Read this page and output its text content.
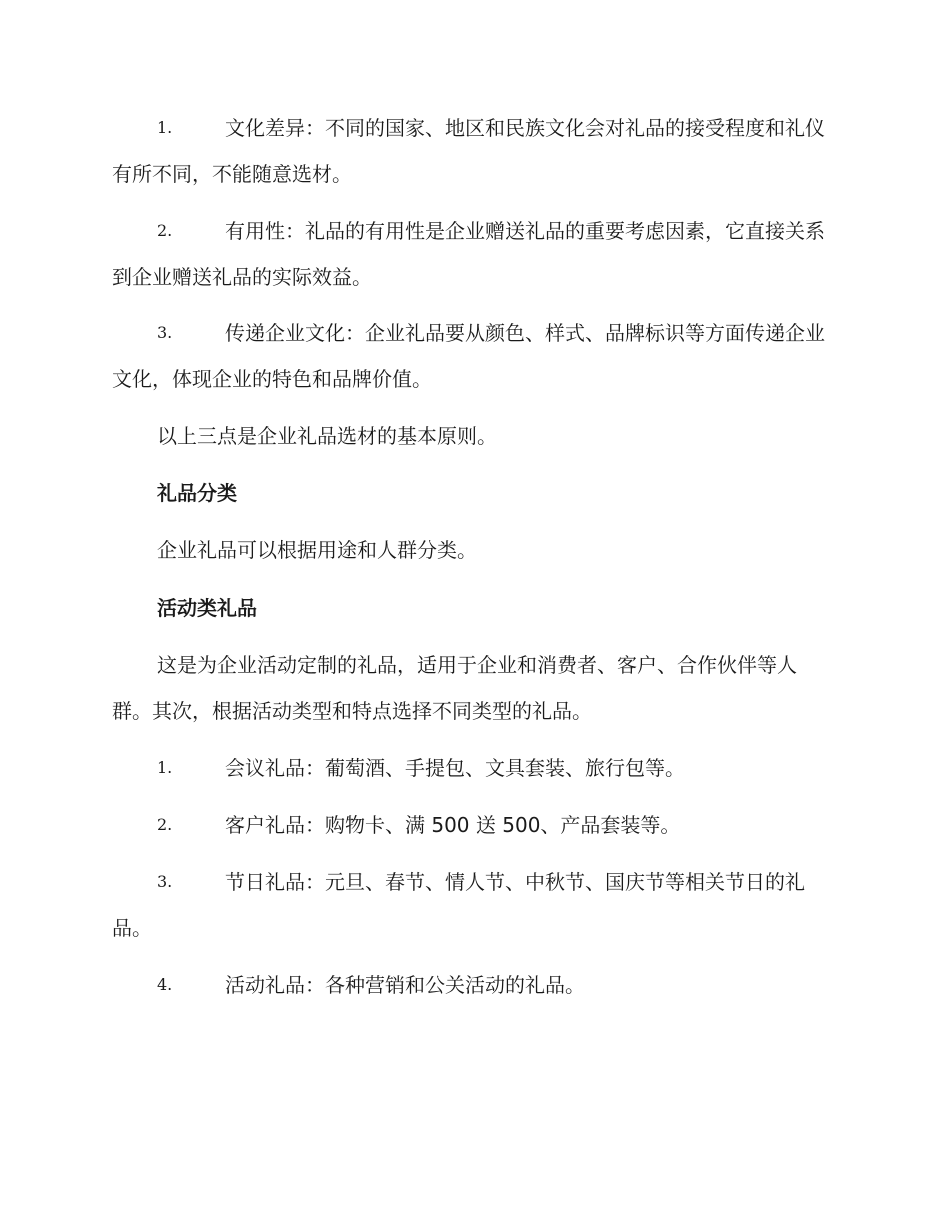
1.	文化差异：不同的国家、地区和民族文化会对礼品的接受程度和礼仪有所不同，不能随意选材。
2.	有用性：礼品的有用性是企业赠送礼品的重要考虑因素，它直接关系到企业赠送礼品的实际效益。
3.	传递企业文化：企业礼品要从颜色、样式、品牌标识等方面传递企业文化，体现企业的特色和品牌价值。
以上三点是企业礼品选材的基本原则。
礼品分类
企业礼品可以根据用途和人群分类。
活动类礼品
这是为企业活动定制的礼品，适用于企业和消费者、客户、合作伙伴等人群。其次，根据活动类型和特点选择不同类型的礼品。
1.	会议礼品：葡萄酒、手提包、文具套装、旅行包等。
2.	客户礼品：购物卡、满 500 送 500、产品套装等。
3.	节日礼品：元旦、春节、情人节、中秋节、国庆节等相关节日的礼品。
4.	活动礼品：各种营销和公关活动的礼品。
